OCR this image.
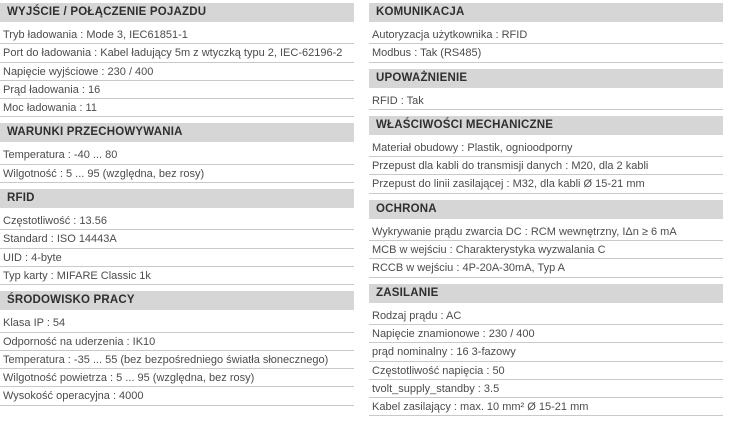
WYJŚCIE / POŁĄCZENIE POJAZDU
Tryb ładowania : Mode 3, IEC61851-1
Port do ładowania : Kabel ładujący 5m z wtyczką typu 2, IEC-62196-2
Napięcie wyjściowe : 230 / 400
Prąd ładowania : 16
Moc ładowania : 11
WARUNKI PRZECHOWYWANIA
Temperatura : -40 ... 80
Wilgotność : 5 ... 95 (względna, bez rosy)
RFID
Częstotliwość : 13.56
Standard : ISO 14443A
UID : 4-byte
Typ karty : MIFARE Classic 1k
ŚRODOWISKO PRACY
Klasa IP : 54
Odporność na uderzenia : IK10
Temperatura : -35 ... 55 (bez bezpośredniego światła słonecznego)
Wilgotność powietrza : 5 ... 95 (względna, bez rosy)
Wysokość operacyjna : 4000
KOMUNIKACJA
Autoryzacja użytkownika : RFID
Modbus : Tak (RS485)
UPOWAŻNIENIE
RFID : Tak
WŁAŚCIWOŚCI MECHANICZNE
Materiał obudowy : Plastik, ognioodporny
Przepust dla kabli do transmisji danych : M20, dla 2 kabli
Przepust do linii zasilającej : M32, dla kabli Ø 15-21 mm
OCHRONA
Wykrywanie prądu zwarcia DC : RCM wewnętrzny, IΔn ≥ 6 mA
MCB w wejściu : Charakterystyka wyzwalania C
RCCB w wejściu : 4P-20A-30mA, Typ A
ZASILANIE
Rodzaj prądu : AC
Napięcie znamionowe : 230 / 400
prąd nominalny : 16 3-fazowy
Częstotliwość napięcia : 50
tvolt_supply_standby : 3.5
Kabel zasilający : max. 10 mm² Ø 15-21 mm
